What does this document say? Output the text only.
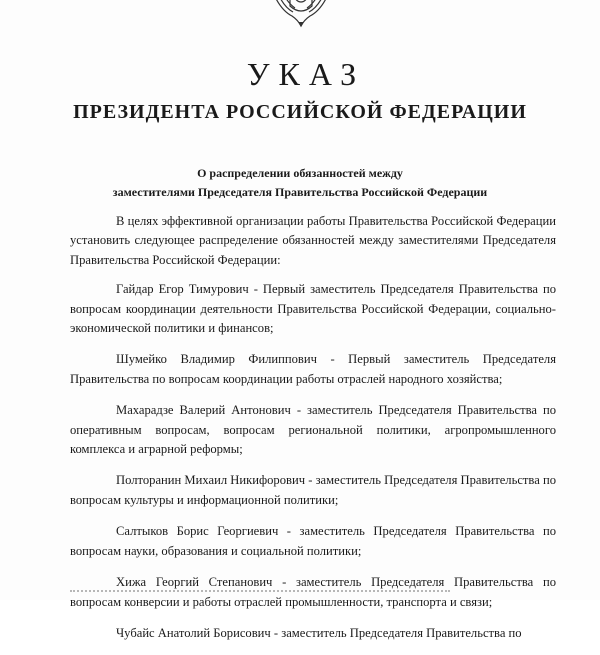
УКАЗ
ПРЕЗИДЕНТА РОССИЙСКОЙ ФЕДЕРАЦИИ
О распределении обязанностей между
заместителями Председателя Правительства Российской Федерации

В целях эффективной организации работы Правительства Российской Федерации установить следующее распределение обязанностей между заместителями Председателя Правительства Российской Федерации:

Гайдар Егор Тимурович - Первый заместитель Председателя Правительства по вопросам координации деятельности Правительства Российской Федерации, социально-экономической политики и финансов;

Шумейко Владимир Филиппович - Первый заместитель Председателя Правительства по вопросам координации работы отраслей народного хозяйства;

Махарадзе Валерий Антонович - заместитель Председателя Правительства по оперативным вопросам, вопросам региональной политики, агропромышленного комплекса и аграрной реформы;

Полторанин Михаил Никифорович - заместитель Председателя Правительства по вопросам культуры и информационной политики;

Салтыков Борис Георгиевич - заместитель Председателя Правительства по вопросам науки, образования и социальной политики;

Хижа Георгий Степанович - заместитель Председателя Правительства по вопросам конверсии и работы отраслей промышленности, транспорта и связи;

Чубайс Анатолий Борисович - заместитель Председателя Правительства по
